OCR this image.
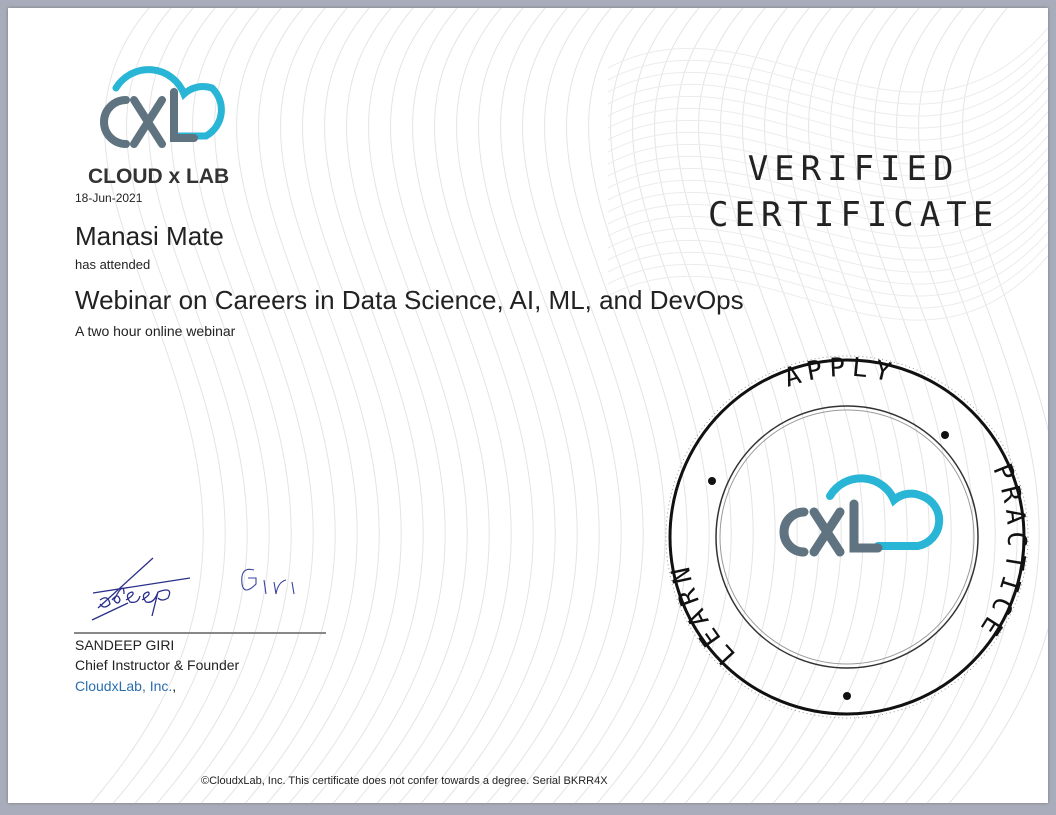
CLOUD x LAB
18-Jun-2021
Manasi Mate
has attended
Webinar on Careers in Data Science, AI, ML, and DevOps
A two hour online webinar
VERIFIED
CERTIFICATE
LEARN
APPLY
PRACTICE
SANDEEP GIRI
Chief Instructor & Founder
CloudxLab, Inc.,
©CloudxLab, Inc. This certificate does not confer towards a degree. Serial BKRR4X
